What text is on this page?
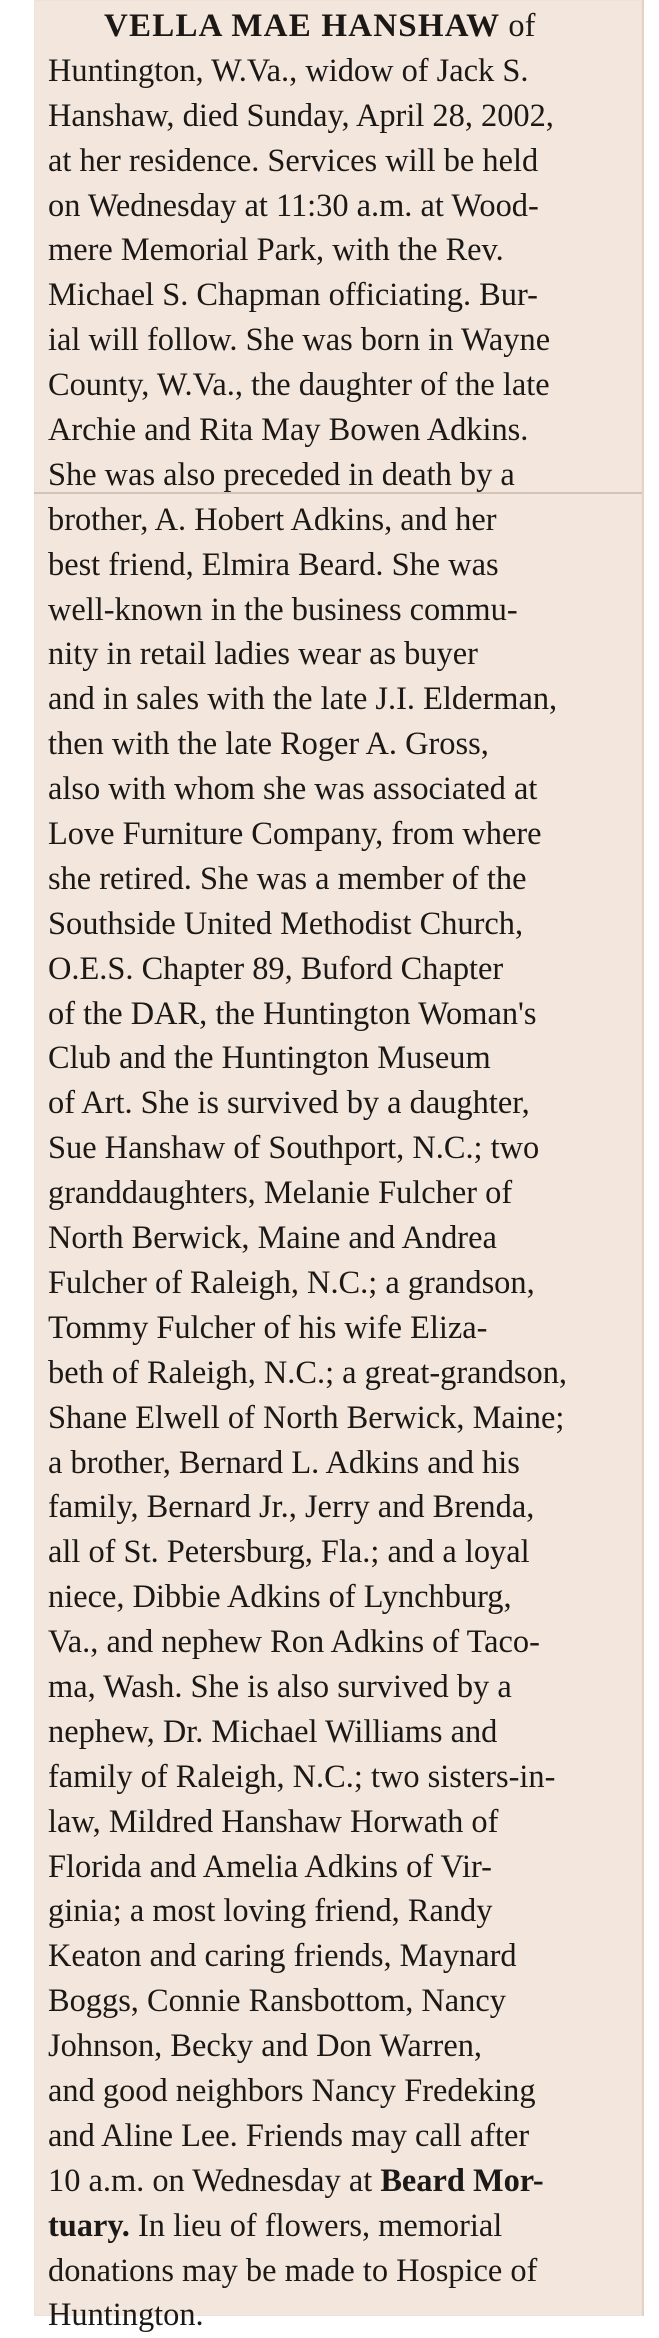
VELLA MAE HANSHAW of
Huntington, W.Va., widow of Jack S.
Hanshaw, died Sunday, April 28, 2002,
at her residence. Services will be held
on Wednesday at 11:30 a.m. at Wood-
mere Memorial Park, with the Rev.
Michael S. Chapman officiating. Bur-
ial will follow. She was born in Wayne
County, W.Va., the daughter of the late
Archie and Rita May Bowen Adkins.
She was also preceded in death by a
brother, A. Hobert Adkins, and her
best friend, Elmira Beard. She was
well-known in the business commu-
nity in retail ladies wear as buyer
and in sales with the late J.I. Elderman,
then with the late Roger A. Gross,
also with whom she was associated at
Love Furniture Company, from where
she retired. She was a member of the
Southside United Methodist Church,
O.E.S. Chapter 89, Buford Chapter
of the DAR, the Huntington Woman's
Club and the Huntington Museum
of Art. She is survived by a daughter,
Sue Hanshaw of Southport, N.C.; two
granddaughters, Melanie Fulcher of
North Berwick, Maine and Andrea
Fulcher of Raleigh, N.C.; a grandson,
Tommy Fulcher of his wife Eliza-
beth of Raleigh, N.C.; a great-grandson,
Shane Elwell of North Berwick, Maine;
a brother, Bernard L. Adkins and his
family, Bernard Jr., Jerry and Brenda,
all of St. Petersburg, Fla.; and a loyal
niece, Dibbie Adkins of Lynchburg,
Va., and nephew Ron Adkins of Taco-
ma, Wash. She is also survived by a
nephew, Dr. Michael Williams and
family of Raleigh, N.C.; two sisters-in-
law, Mildred Hanshaw Horwath of
Florida and Amelia Adkins of Vir-
ginia; a most loving friend, Randy
Keaton and caring friends, Maynard
Boggs, Connie Ransbottom, Nancy
Johnson, Becky and Don Warren,
and good neighbors Nancy Fredeking
and Aline Lee. Friends may call after
10 a.m. on Wednesday at Beard Mor-
tuary. In lieu of flowers, memorial
donations may be made to Hospice of
Huntington.
